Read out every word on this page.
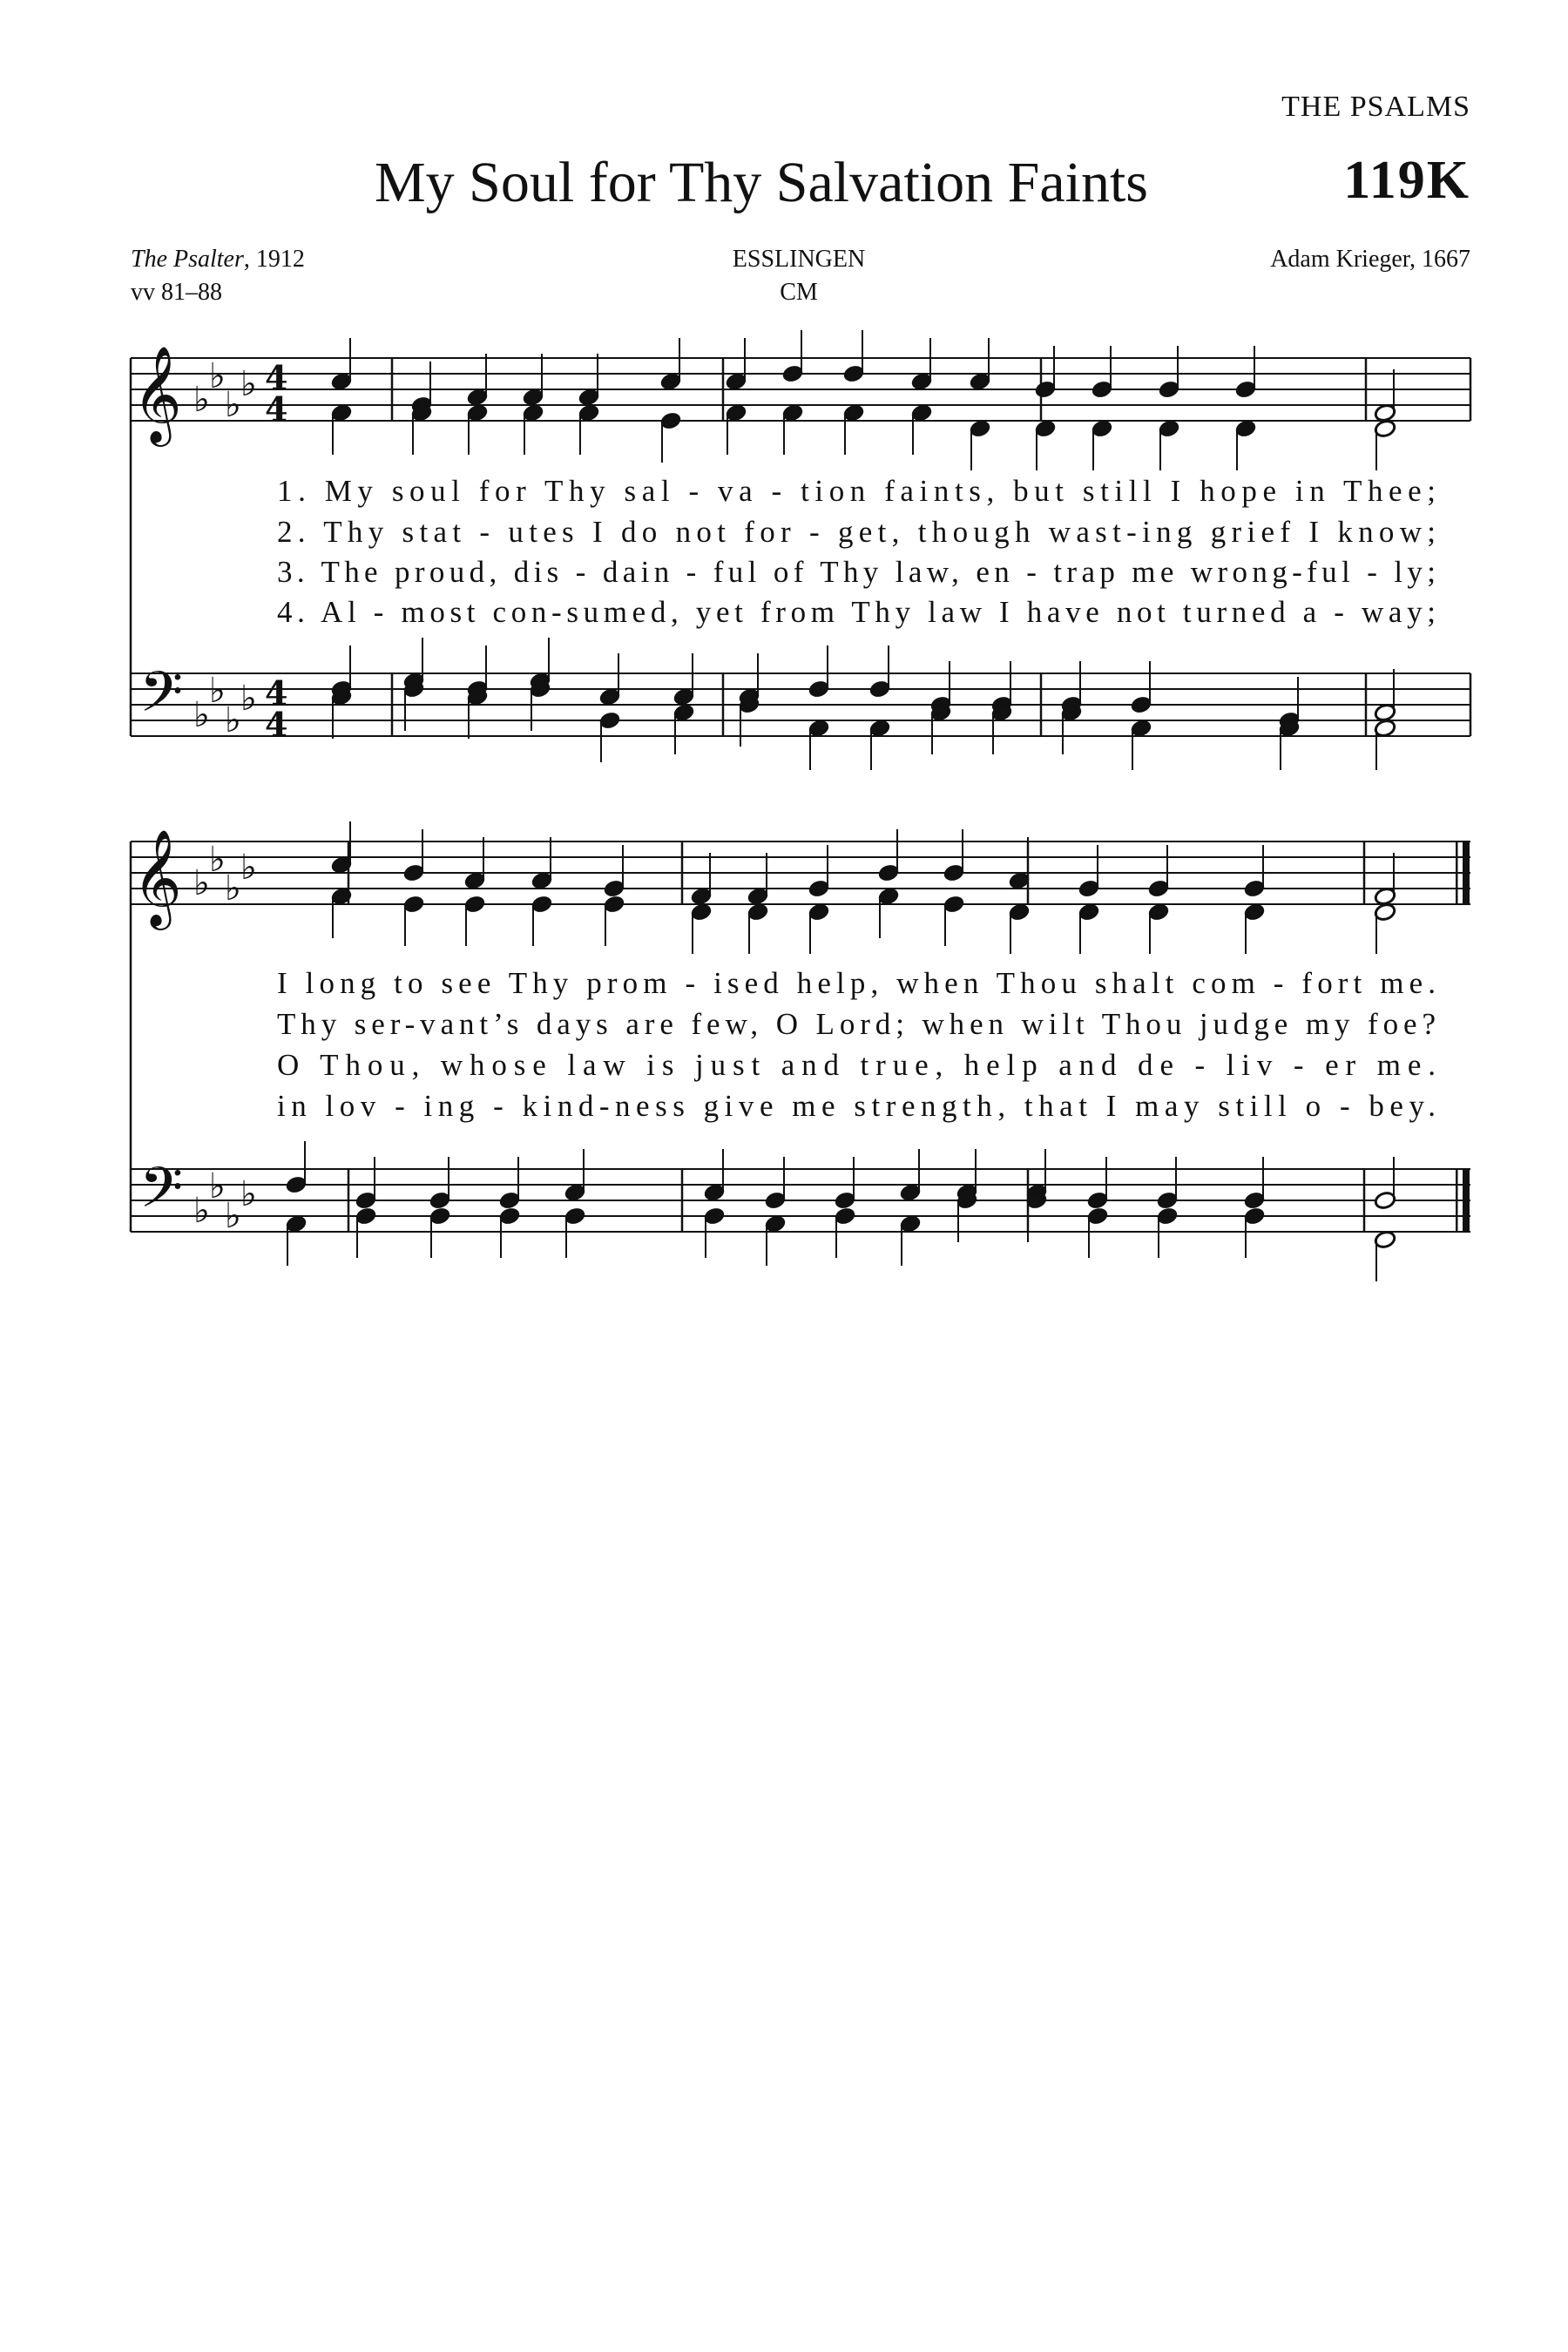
THE PSALMS
My Soul for Thy Salvation Faints	119K
The Psalter, 1912
vv 81–88
ESSLINGEN
CM
Adam Krieger, 1667
𝄞
𝄢
♭
♭
♭
♭
♭
♭
♭
♭
4
4
4
4
1. My soul for Thy sal - va - tion faints, but still I hope in Thee;
2. Thy stat - utes I do not for - get, though wast-ing grief I know;
3. The proud, dis - dain - ful of Thy law, en - trap me wrong-ful - ly;
4. Al - most con-sumed, yet from Thy law I have not turned a - way;
𝄞
𝄢
♭
♭
♭
♭
♭
♭
♭
♭
I long to see Thy prom - ised help, when Thou shalt com - fort me.
Thy ser-vant’s days are few, O Lord; when wilt Thou judge my foe?
O Thou, whose law is just and true, help and de - liv - er me.
in lov - ing - kind-ness give me strength, that I may still o - bey.
